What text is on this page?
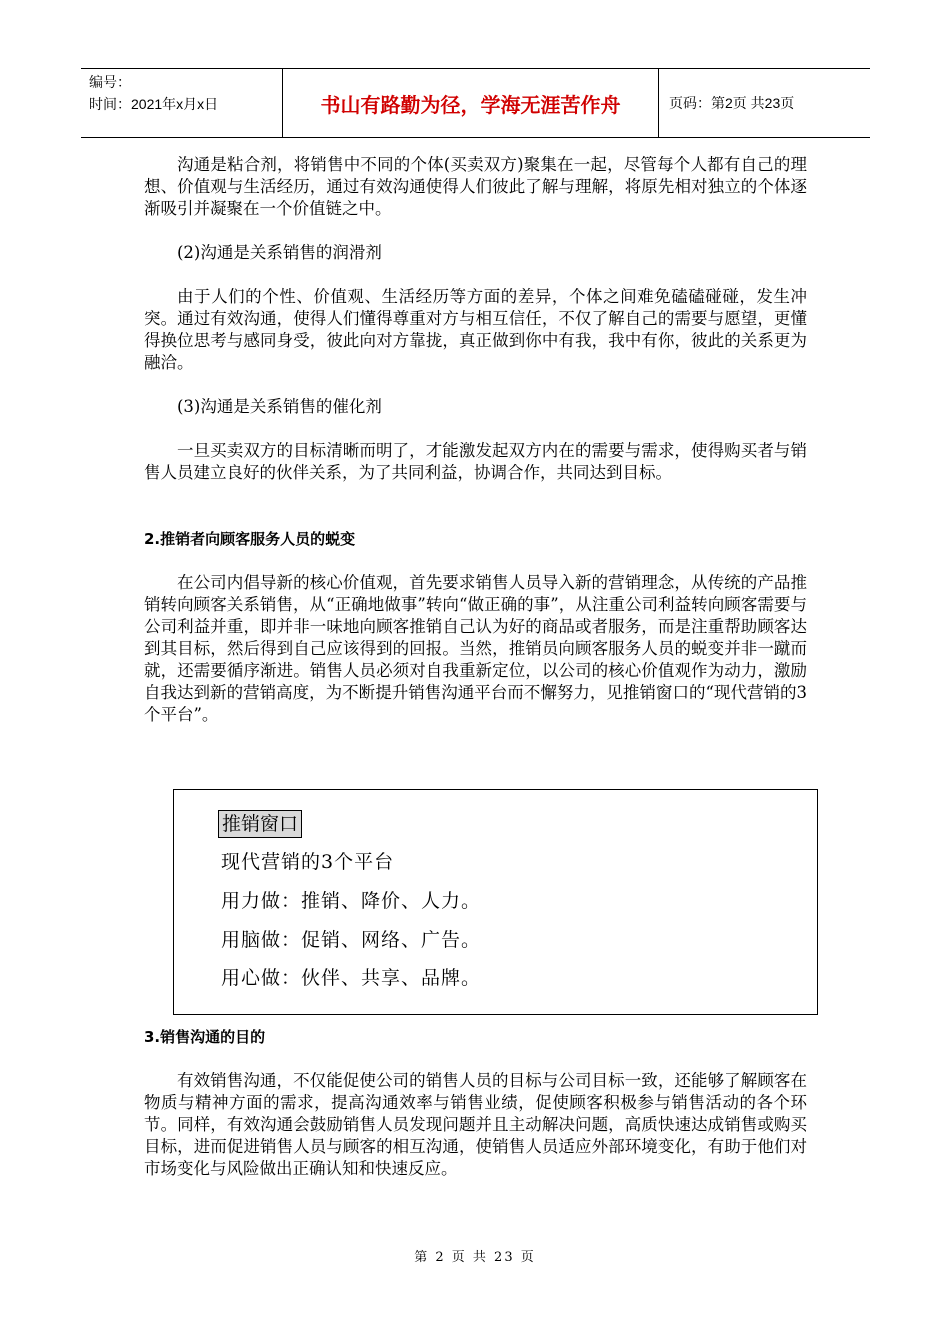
编号：
时间：2021年x月x日	书山有路勤为径，学海无涯苦作舟	页码：第2页 共23页

沟通是粘合剂，将销售中不同的个体(买卖双方)聚集在一起，尽管每个人都有自己的理想、价值观与生活经历，通过有效沟通使得人们彼此了解与理解，将原先相对独立的个体逐渐吸引并凝聚在一个价值链之中。

(2)沟通是关系销售的润滑剂

由于人们的个性、价值观、生活经历等方面的差异，个体之间难免磕磕碰碰，发生冲突。通过有效沟通，使得人们懂得尊重对方与相互信任，不仅了解自己的需要与愿望，更懂得换位思考与感同身受，彼此向对方靠拢，真正做到你中有我，我中有你，彼此的关系更为融洽。

(3)沟通是关系销售的催化剂

一旦买卖双方的目标清晰而明了，才能激发起双方内在的需要与需求，使得购买者与销售人员建立良好的伙伴关系，为了共同利益，协调合作，共同达到目标。

2.推销者向顾客服务人员的蜕变

在公司内倡导新的核心价值观，首先要求销售人员导入新的营销理念，从传统的产品推销转向顾客关系销售，从“正确地做事”转向“做正确的事”，从注重公司利益转向顾客需要与公司利益并重，即并非一味地向顾客推销自己认为好的商品或者服务，而是注重帮助顾客达到其目标，然后得到自己应该得到的回报。当然，推销员向顾客服务人员的蜕变并非一蹴而就，还需要循序渐进。销售人员必须对自我重新定位，以公司的核心价值观作为动力，激励自我达到新的营销高度，为不断提升销售沟通平台而不懈努力，见推销窗口的“现代营销的3个平台”。

推销窗口
现代营销的3个平台
用力做：推销、降价、人力。
用脑做：促销、网络、广告。
用心做：伙伴、共享、品牌。

3.销售沟通的目的

有效销售沟通，不仅能促使公司的销售人员的目标与公司目标一致，还能够了解顾客在物质与精神方面的需求，提高沟通效率与销售业绩，促使顾客积极参与销售活动的各个环节。同样，有效沟通会鼓励销售人员发现问题并且主动解决问题，高质快速达成销售或购买目标，进而促进销售人员与顾客的相互沟通，使销售人员适应外部环境变化，有助于他们对市场变化与风险做出正确认知和快速反应。

第 2 页 共 23 页
